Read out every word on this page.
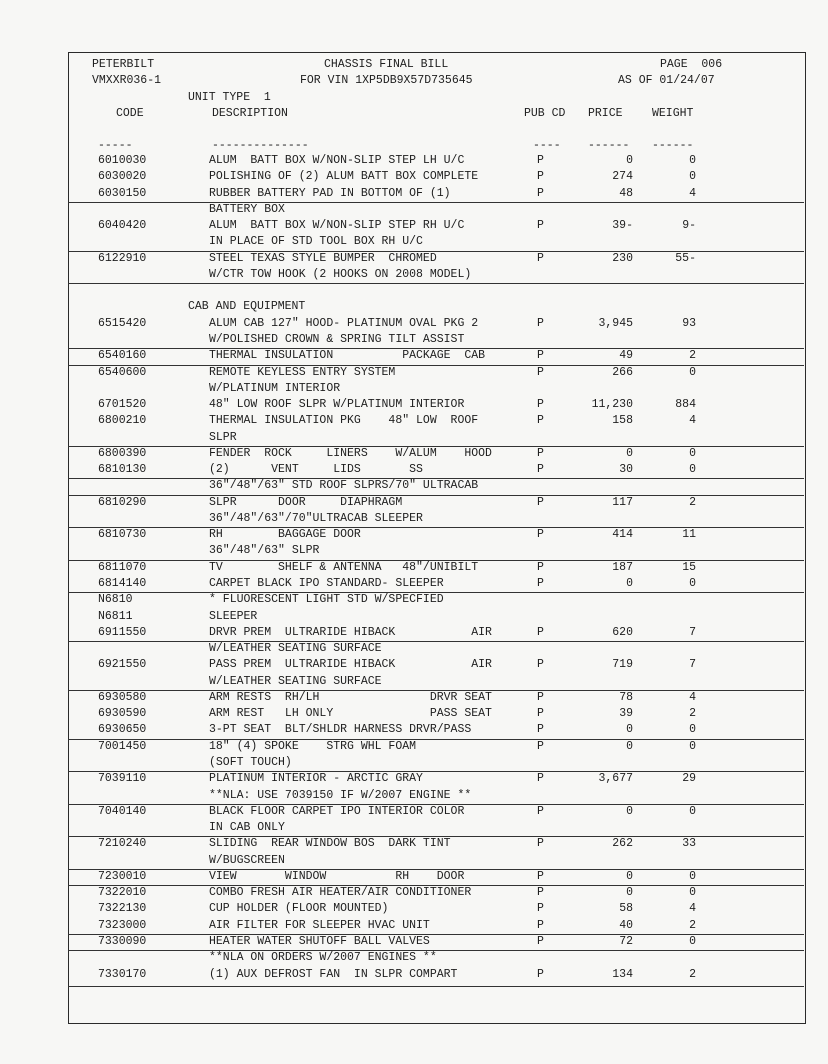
PETERBILT
VMXXR036-1
CHASSIS FINAL BILL
FOR VIN 1XP5DB9X57D735645
PAGE  006
AS OF 01/24/07
UNIT TYPE  1
CODE	DESCRIPTION	PUB CD PRICE	WEIGHT
-----	--------------	---- ------ ------
6010030	ALUM  BATT BOX W/NON-SLIP STEP LH U/C	P	0	0
6030020	POLISHING OF (2) ALUM BATT BOX COMPLETE	P	274	0
6030150	RUBBER BATTERY PAD IN BOTTOM OF (1)	P	48	4
BATTERY BOX
6040420	ALUM  BATT BOX W/NON-SLIP STEP RH U/C	P	39-	9-
IN PLACE OF STD TOOL BOX RH U/C
6122910	STEEL TEXAS STYLE BUMPER  CHROMED	P	230	55-
W/CTR TOW HOOK (2 HOOKS ON 2008 MODEL)
CAB AND EQUIPMENT
6515420	ALUM CAB 127" HOOD- PLATINUM OVAL PKG 2	P	3,945	93
W/POLISHED CROWN & SPRING TILT ASSIST
6540160	THERMAL INSULATION          PACKAGE  CAB	P	49	2
6540600	REMOTE KEYLESS ENTRY SYSTEM	P	266	0
W/PLATINUM INTERIOR
6701520	48" LOW ROOF SLPR W/PLATINUM INTERIOR	P	11,230	884
6800210	THERMAL INSULATION PKG    48" LOW  ROOF	P	158	4
SLPR
6800390	FENDER  ROCK     LINERS    W/ALUM    HOOD	P	0	0
6810130	(2)      VENT     LIDS       SS	P	30	0
36"/48"/63" STD ROOF SLPRS/70" ULTRACAB
6810290	SLPR      DOOR     DIAPHRAGM	P	117	2
36"/48"/63"/70"ULTRACAB SLEEPER
6810730	RH        BAGGAGE DOOR	P	414	11
36"/48"/63" SLPR
6811070	TV        SHELF & ANTENNA   48"/UNIBILT	P	187	15
6814140	CARPET BLACK IPO STANDARD- SLEEPER	P	0	0
N6810	* FLUORESCENT LIGHT STD W/SPECFIED
N6811	SLEEPER
6911550	DRVR PREM  ULTRARIDE HIBACK           AIR	P	620	7
W/LEATHER SEATING SURFACE
6921550	PASS PREM  ULTRARIDE HIBACK           AIR	P	719	7
W/LEATHER SEATING SURFACE
6930580	ARM RESTS  RH/LH                DRVR SEAT	P	78	4
6930590	ARM REST   LH ONLY              PASS SEAT	P	39	2
6930650	3-PT SEAT  BLT/SHLDR HARNESS DRVR/PASS	P	0	0
7001450	18" (4) SPOKE    STRG WHL FOAM	P	0	0
(SOFT TOUCH)
7039110	PLATINUM INTERIOR - ARCTIC GRAY	P	3,677	29
**NLA: USE 7039150 IF W/2007 ENGINE **
7040140	BLACK FLOOR CARPET IPO INTERIOR COLOR	P	0	0
IN CAB ONLY
7210240	SLIDING  REAR WINDOW BOS  DARK TINT	P	262	33
W/BUGSCREEN
7230010	VIEW       WINDOW          RH    DOOR	P	0	0
7322010	COMBO FRESH AIR HEATER/AIR CONDITIONER	P	0	0
7322130	CUP HOLDER (FLOOR MOUNTED)	P	58	4
7323000	AIR FILTER FOR SLEEPER HVAC UNIT	P	40	2
7330090	HEATER WATER SHUTOFF BALL VALVES	P	72	0
**NLA ON ORDERS W/2007 ENGINES **
7330170	(1) AUX DEFROST FAN  IN SLPR COMPART	P	134	2
